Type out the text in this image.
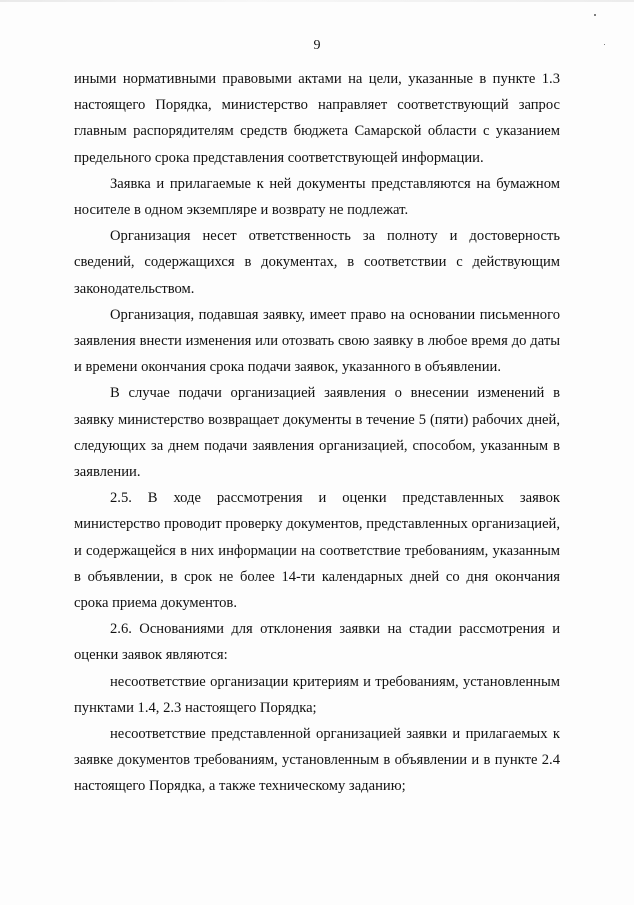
9

иными нормативными правовыми актами на цели, указанные в пункте 1.3 настоящего Порядка, министерство направляет соответствующий запрос главным распорядителям средств бюджета Самарской области с указанием предельного срока представления соответствующей информации.

Заявка и прилагаемые к ней документы представляются на бумажном носителе в одном экземпляре и возврату не подлежат.

Организация несет ответственность за полноту и достоверность сведений, содержащихся в документах, в соответствии с действующим законодательством.

Организация, подавшая заявку, имеет право на основании письменного заявления внести изменения или отозвать свою заявку в любое время до даты и времени окончания срока подачи заявок, указанного в объявлении.

В случае подачи организацией заявления о внесении изменений в заявку министерство возвращает документы в течение 5 (пяти) рабочих дней, следующих за днем подачи заявления организацией, способом, указанным в заявлении.

2.5. В ходе рассмотрения и оценки представленных заявок министерство проводит проверку документов, представленных организацией, и содержащейся в них информации на соответствие требованиям, указанным в объявлении, в срок не более 14-ти календарных дней со дня окончания срока приема документов.

2.6. Основаниями для отклонения заявки на стадии рассмотрения и оценки заявок являются:

несоответствие организации критериям и требованиям, установленным пунктами 1.4, 2.3 настоящего Порядка;

несоответствие представленной организацией заявки и прилагаемых к заявке документов требованиям, установленным в объявлении и в пункте 2.4 настоящего Порядка, а также техническому заданию;
